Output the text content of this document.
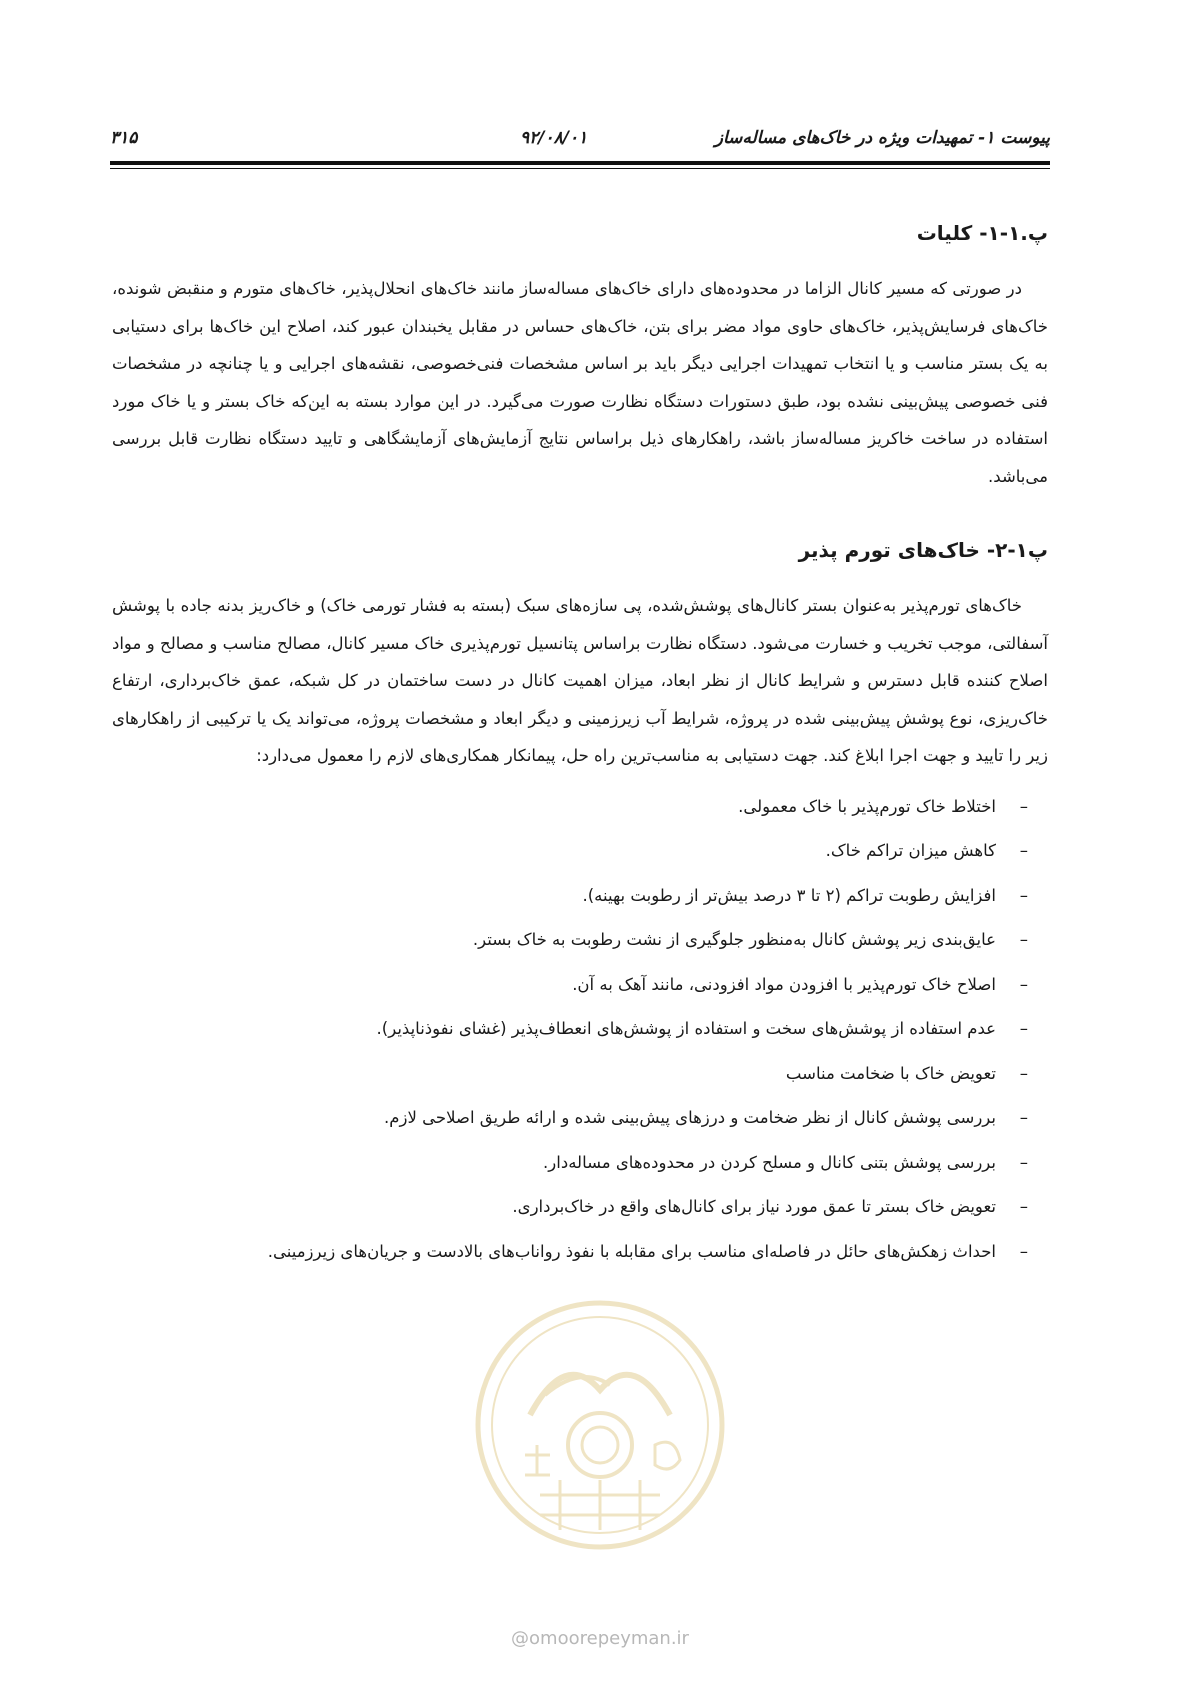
پیوست ۱- تمهیدات ویژه در خاک‌های مساله‌ساز
۹۲/۰۸/۰۱
۳۱۵
پ.۱-۱- کلیات

در صورتی که مسیر کانال الزاما در محدوده‌های دارای خاک‌های مساله‌ساز مانند خاک‌های انحلال‌پذیر، خاک‌های متورم و منقبض شونده، خاک‌های فرسایش‌پذیر، خاک‌های حاوی مواد مضر برای بتن، خاک‌های حساس در مقابل یخبندان عبور کند، اصلاح این خاک‌ها برای دستیابی به یک بستر مناسب و یا انتخاب تمهیدات اجرایی دیگر باید بر اساس مشخصات فنی‌خصوصی، نقشه‌های اجرایی و یا چنانچه در مشخصات فنی خصوصی پیش‌بینی نشده بود، طبق دستورات دستگاه نظارت صورت می‌گیرد. در این موارد بسته به این‌که خاک بستر و یا خاک مورد استفاده در ساخت خاکریز مساله‌ساز باشد، راهکارهای ذیل براساس نتایج آزمایش‌های آزمایشگاهی و تایید دستگاه نظارت قابل بررسی می‌باشد.

پ۱-۲- خاک‌های تورم پذیر

خاک‌های تورم‌پذیر به‌عنوان بستر کانال‌های پوشش‌شده، پی سازه‌های سبک (بسته به فشار تورمی خاک) و خاک‌ریز بدنه جاده با پوشش آسفالتی، موجب تخریب و خسارت می‌شود. دستگاه نظارت براساس پتانسیل تورم‌پذیری خاک مسیر کانال، مصالح مناسب و مصالح و مواد اصلاح کننده قابل دسترس و شرایط کانال از نظر ابعاد، میزان اهمیت کانال در دست ساختمان در کل شبکه، عمق خاک‌برداری، ارتفاع خاک‌ریزی، نوع پوشش پیش‌بینی شده در پروژه، شرایط آب زیرزمینی و دیگر ابعاد و مشخصات پروژه، می‌تواند یک یا ترکیبی از راهکارهای زیر را تایید و جهت اجرا ابلاغ کند. جهت دستیابی به مناسب‌ترین راه حل، پیمانکار همکاری‌های لازم را معمول می‌دارد:

–
اختلاط خاک تورم‌پذیر با خاک معمولی.
–
کاهش میزان تراکم خاک.
–
افزایش رطوبت تراکم (۲ تا ۳ درصد بیش‌تر از رطوبت بهینه).
–
عایق‌بندی زیر پوشش کانال به‌منظور جلوگیری از نشت رطوبت به خاک بستر.
–
اصلاح خاک تورم‌پذیر با افزودن مواد افزودنی، مانند آهک به آن.
–
عدم استفاده از پوشش‌های سخت و استفاده از پوشش‌های انعطاف‌پذیر (غشای نفوذناپذیر).
–
تعویض خاک با ضخامت مناسب
–
بررسی پوشش کانال از نظر ضخامت و درزهای پیش‌بینی شده و ارائه طریق اصلاحی لازم.
–
بررسی پوشش بتنی کانال و مسلح کردن در محدوده‌های مساله‌دار.
–
تعویض خاک بستر تا عمق مورد نیاز برای کانال‌های واقع در خاک‌برداری.
–
احداث زهکش‌های حائل در فاصله‌ای مناسب برای مقابله با نفوذ رواناب‌های بالادست و جریان‌های زیرزمینی.
@omoorepeyman.ir
